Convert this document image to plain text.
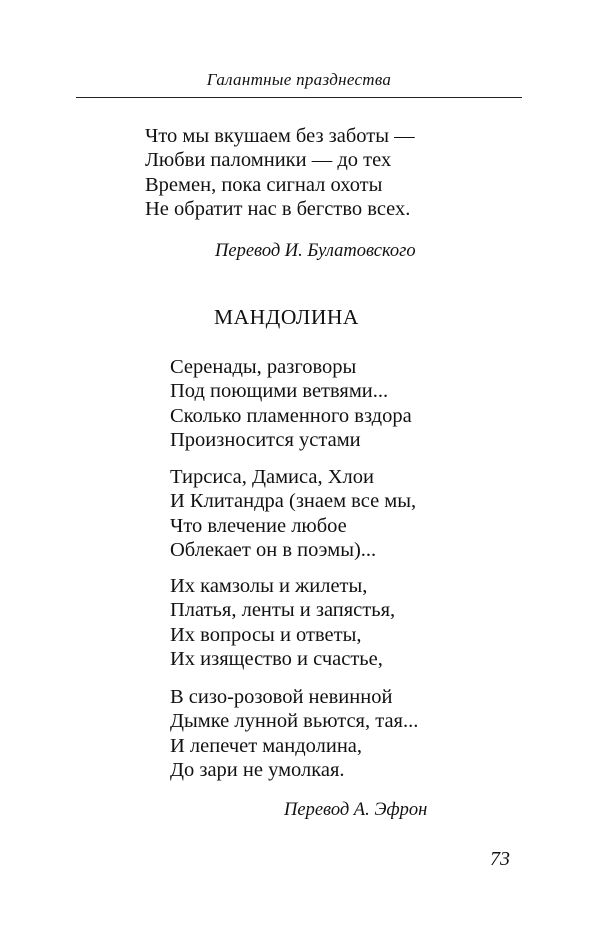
Галантные празднества
Что мы вкушаем без заботы —
Любви паломники — до тех
Времен, пока сигнал охоты
Не обратит нас в бегство всех.
Перевод И. Булатовского
МАНДОЛИНА
Серенады, разговоры
Под поющими ветвями...
Сколько пламенного вздора
Произносится устами
Тирсиса, Дамиса, Хлои
И Клитандра (знаем все мы,
Что влечение любое
Облекает он в поэмы)...
Их камзолы и жилеты,
Платья, ленты и запястья,
Их вопросы и ответы,
Их изящество и счастье,
В сизо-розовой невинной
Дымке лунной вьются, тая...
И лепечет мандолина,
До зари не умолкая.
Перевод А. Эфрон
73
